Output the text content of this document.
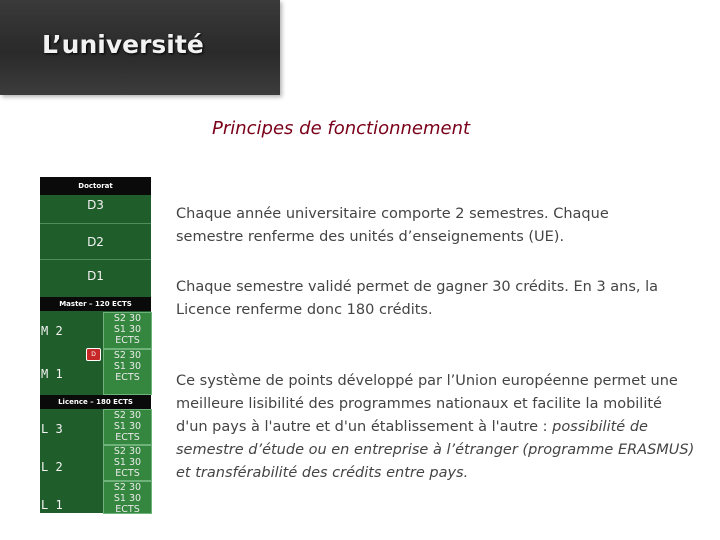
L’université
Principes de fonctionnement
Doctorat
D3
D2
D1
Master – 120 ECTS
M 2
S2 30
S1 30
ECTS
M 1
S2 30
S1 30
ECTS
Licence – 180 ECTS
L 3
S2 30
S1 30
ECTS
L 2
S2 30
S1 30
ECTS
L 1
S2 30
S1 30
ECTS
D
Chaque année universitaire comporte 2 semestres. Chaque semestre renferme des unités d’enseignements (UE).
Chaque semestre validé permet de gagner 30 crédits. En 3 ans, la Licence renferme donc 180 crédits.
Ce système de points développé par l’Union européenne permet une meilleure lisibilité des programmes nationaux et facilite la mobilité d'un pays à l'autre et d'un établissement à l'autre : possibilité de semestre d’étude ou en entreprise à l’étranger (programme ERASMUS) et transférabilité des crédits entre pays.
